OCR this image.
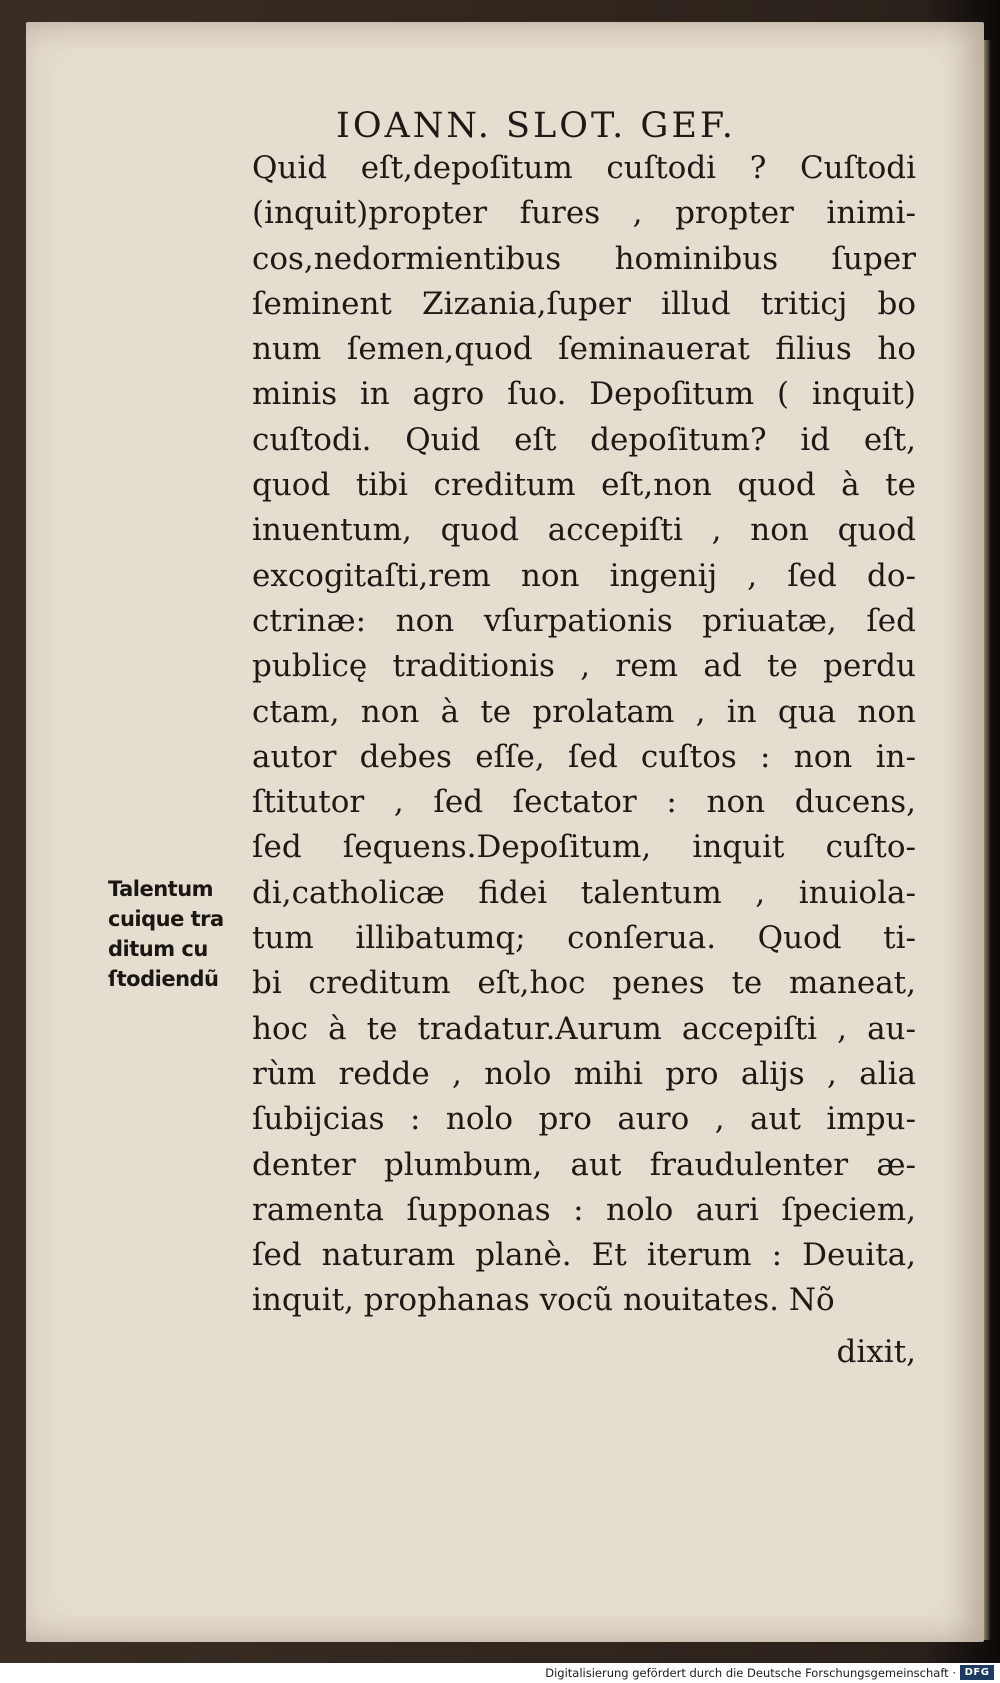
IOANN. SLOT. GEF.
Quid eſt,depoſitum cuſtodi ? Cuſtodi
(inquit)propter fures , propter inimi-
cos,nedormientibus hominibus ſuper
ſeminent Zizania,ſuper illud triticj bo
num ſemen,quod ſeminauerat filius ho
minis in agro ſuo. Depoſitum ( inquit)
cuſtodi. Quid eſt depoſitum? id eſt,
quod tibi creditum eſt,non quod à te
inuentum, quod accepiſti , non quod
excogitaſti,rem non ingenij , ſed do-
ctrinæ: non vſurpationis priuatæ, ſed
publicę traditionis , rem ad te perdu
ctam, non à te prolatam , in qua non
autor debes eſſe, ſed cuſtos : non in-
ſtitutor , ſed ſectator : non ducens,
ſed ſequens.Depoſitum, inquit cuſto-
di,catholicæ fidei talentum , inuiola-
tum illibatumq; conſerua. Quod ti-
bi creditum eſt,hoc penes te maneat,
hoc à te tradatur.Aurum accepiſti , au-
rùm redde , nolo mihi pro alijs , alia
ſubijcias : nolo pro auro , aut impu-
denter plumbum, aut fraudulenter æ-
ramenta ſupponas : nolo auri ſpeciem,
ſed naturam planè. Et iterum : Deuita,
inquit, prophanas vocũ nouitates. Nõ
dixit,
Talentum
cuique tra
ditum cu
ſtodiendũ
Digitalisierung gefördert durch die Deutsche Forschungsgemeinschaft · DFG
